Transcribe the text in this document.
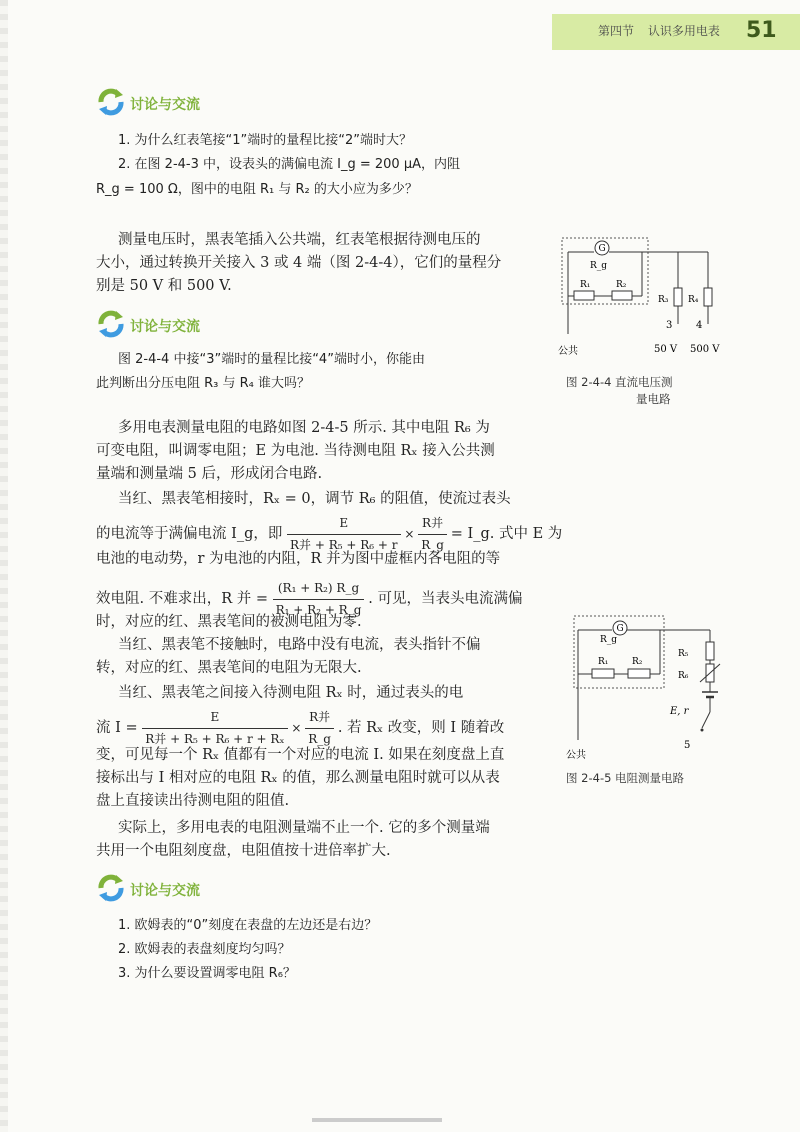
第四节 认识多用电表	51
讨论与交流
1. 为什么红表笔接“1”端时的量程比接“2”端时大？
2. 在图 2-4-3 中，设表头的满偏电流 I_g = 200 μA，内阻
R_g = 100 Ω，图中的电阻 R₁ 与 R₂ 的大小应为多少？
测量电压时，黑表笔插入公共端，红表笔根据待测电压的
大小，通过转换开关接入 3 或 4 端（图 2-4-4），它们的量程分
别是 50 V 和 500 V.
讨论与交流
图 2-4-4 中接“3”端时的量程比接“4”端时小，你能由
此判断出分压电阻 R₃ 与 R₄ 谁大吗？
多用电表测量电阻的电路如图 2-4-5 所示. 其中电阻 R₆ 为
可变电阻，叫调零电阻；E 为电池. 当待测电阻 Rₓ 接入公共测
量端和测量端 5 后，形成闭合电路.
当红、黑表笔相接时，Rₓ = 0，调节 R₆ 的阻值，使流过表头
的电流等于满偏电流 I_g，即 $\frac{E}{\text{R并 + R₅ + R₆ + r}} \times \frac{\text{R并}}{R\_g}$ = I_g. 式中 E 为
电池的电动势，r 为电池的内阻，R 并为图中虚框内各电阻的等
效电阻. 不难求出，R 并 = $\frac{\text{(R₁ + R₂) R\_g}}{\text{R₁ + R₂ + R\_g}}$ . 可见，当表头电流满偏
时，对应的红、黑表笔间的被测电阻为零.
当红、黑表笔不接触时，电路中没有电流，表头指针不偏
转，对应的红、黑表笔间的电阻为无限大.
当红、黑表笔之间接入待测电阻 Rₓ 时，通过表头的电
流 $I = \frac{E}{\text{R并 + R₅ + R₆ + r + Rₓ}} \times \frac{\text{R并}}{R\_g}$ . 若 Rₓ 改变，则 I 随着改
变，可见每一个 Rₓ 值都有一个对应的电流 I. 如果在刻度盘上直
接标出与 I 相对应的电阻 Rₓ 的值，那么测量电阻时就可以从表
盘上直接读出待测电阻的阻值.
实际上，多用电表的电阻测量端不止一个. 它的多个测量端
共用一个电阻刻度盘，电阻值按十进倍率扩大.
讨论与交流
1. 欧姆表的“0”刻度在表盘的左边还是右边？
2. 欧姆表的表盘刻度均匀吗？
3. 为什么要设置调零电阻 R₆？
G
R_g
R₁	R₂
R₃ R₄
3 4
公共	50 V 500 V
图 2-4-4 直流电压测
量电路
G
R_g
R₁	R₂
R₅
R₆
E, r
5
公共
图 2-4-5 电阻测量电路
